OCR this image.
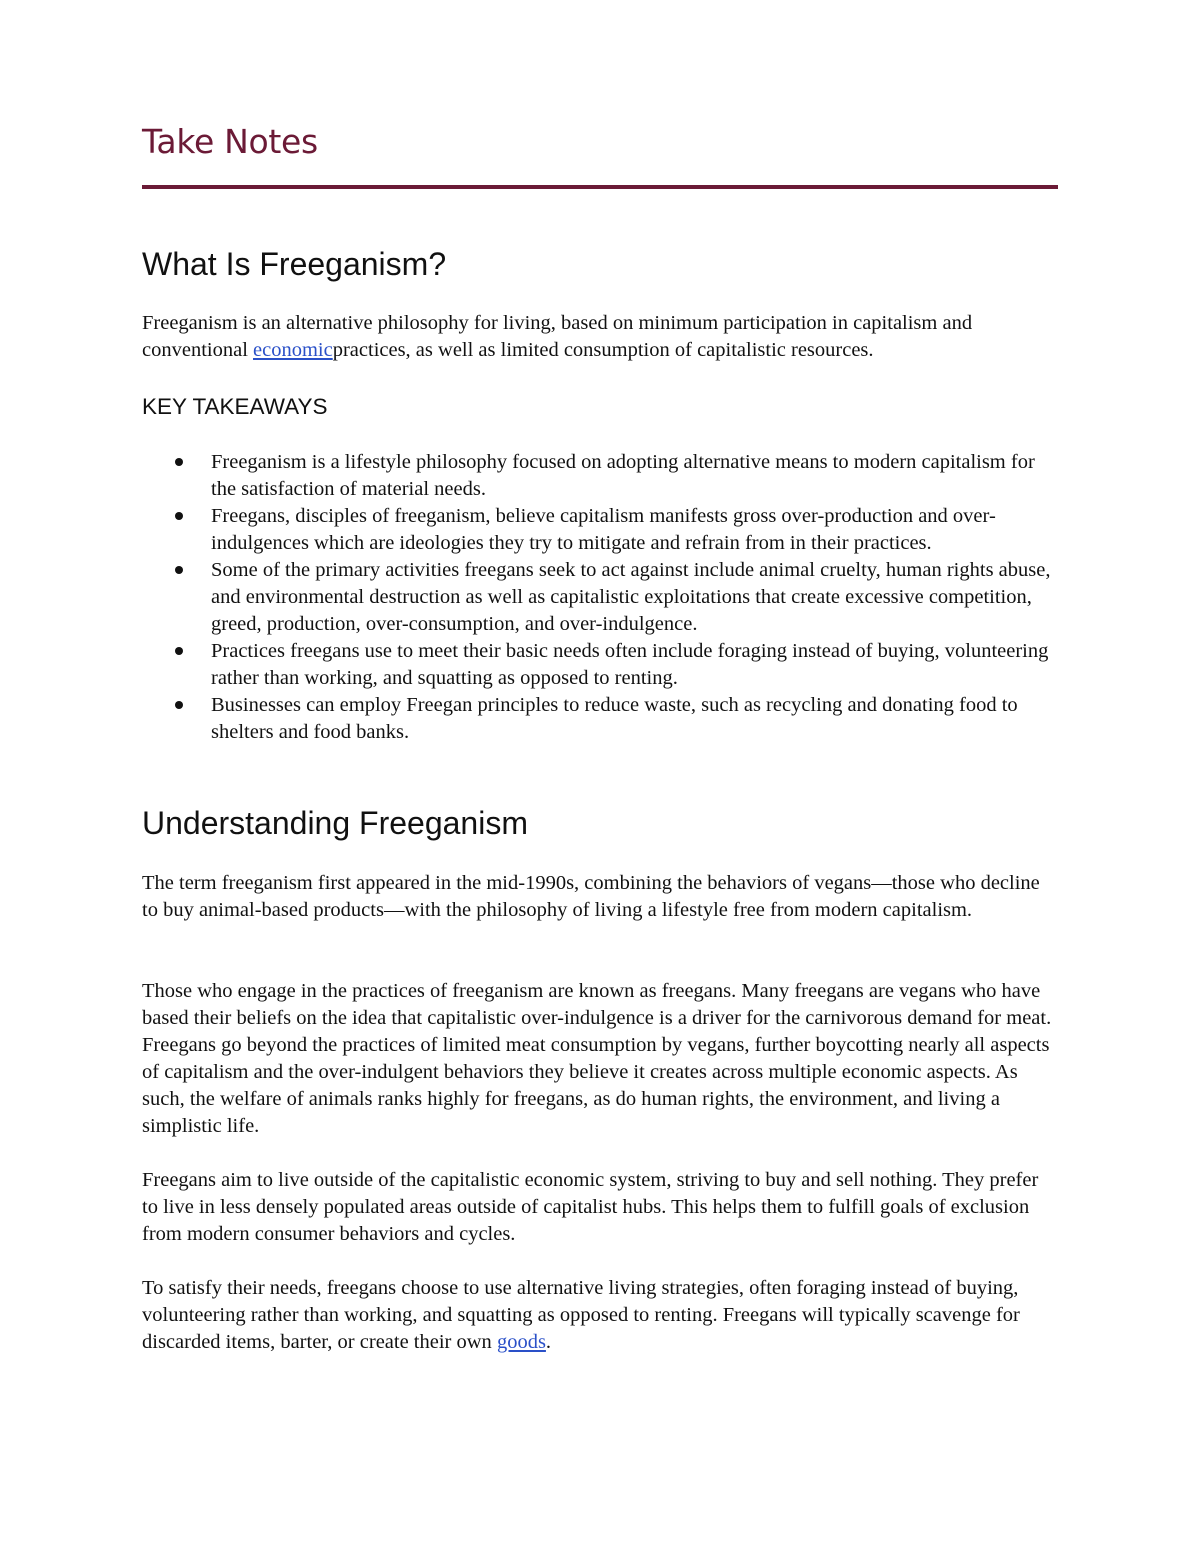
Take Notes
What Is Freeganism?

Freeganism is an alternative philosophy for living, based on minimum participation in capitalism and conventional economicpractices, as well as limited consumption of capitalistic resources.

KEY TAKEAWAYS
Freeganism is a lifestyle philosophy focused on adopting alternative means to modern capitalism for the satisfaction of material needs.
Freegans, disciples of freeganism, believe capitalism manifests gross over-production and over-indulgences which are ideologies they try to mitigate and refrain from in their practices.
Some of the primary activities freegans seek to act against include animal cruelty, human rights abuse, and environmental destruction as well as capitalistic exploitations that create excessive competition, greed, production, over-consumption, and over-indulgence.
Practices freegans use to meet their basic needs often include foraging instead of buying, volunteering rather than working, and squatting as opposed to renting.
Businesses can employ Freegan principles to reduce waste, such as recycling and donating food to shelters and food banks.
Understanding Freeganism

The term freeganism first appeared in the mid-1990s, combining the behaviors of vegans—those who decline to buy animal-based products—with the philosophy of living a lifestyle free from modern capitalism.

Those who engage in the practices of freeganism are known as freegans. Many freegans are vegans who have based their beliefs on the idea that capitalistic over-indulgence is a driver for the carnivorous demand for meat. Freegans go beyond the practices of limited meat consumption by vegans, further boycotting nearly all aspects of capitalism and the over-indulgent behaviors they believe it creates across multiple economic aspects. As such, the welfare of animals ranks highly for freegans, as do human rights, the environment, and living a simplistic life.

Freegans aim to live outside of the capitalistic economic system, striving to buy and sell nothing. They prefer to live in less densely populated areas outside of capitalist hubs. This helps them to fulfill goals of exclusion from modern consumer behaviors and cycles.

To satisfy their needs, freegans choose to use alternative living strategies, often foraging instead of buying, volunteering rather than working, and squatting as opposed to renting. Freegans will typically scavenge for discarded items, barter, or create their own goods.
